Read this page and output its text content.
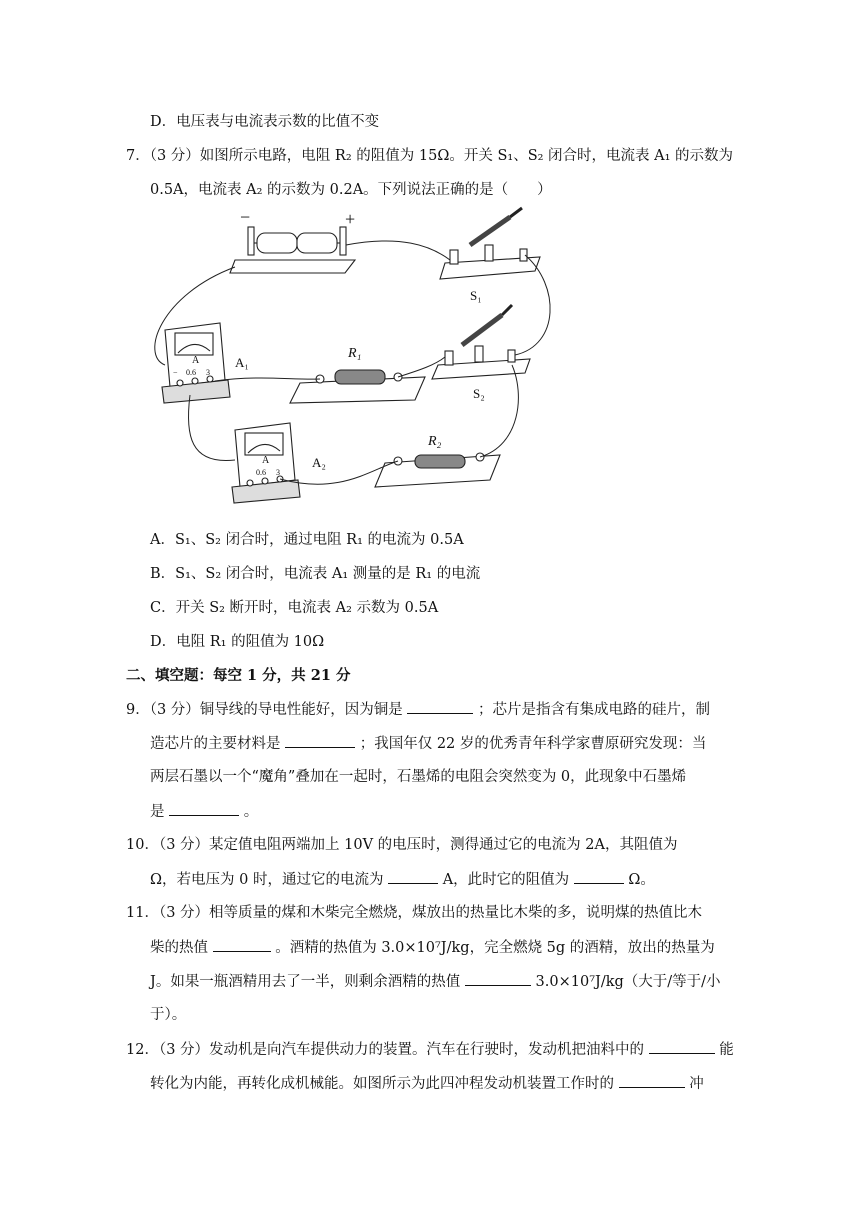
D．电压表与电流表示数的比值不变
7．（3 分）如图所示电路，电阻 R₂ 的阻值为 15Ω。开关 S₁、S₂ 闭合时，电流表 A₁ 的示数为
0.5A，电流表 A₂ 的示数为 0.2A。下列说法正确的是（　　）
−	+
S₁
S₂
R₁
R₂
A₁
A₂
A
0.6 3
−
A
0.6 3
A．S₁、S₂ 闭合时，通过电阻 R₁ 的电流为 0.5A
B．S₁、S₂ 闭合时，电流表 A₁ 测量的是 R₁ 的电流
C．开关 S₂ 断开时，电流表 A₂ 示数为 0.5A
D．电阻 R₁ 的阻值为 10Ω
二、填空题：每空 1 分，共 21 分
9．（3 分）铜导线的导电性能好，因为铜是	；芯片是指含有集成电路的硅片，制
造芯片的主要材料是	；我国年仅 22 岁的优秀青年科学家曹原研究发现：当
两层石墨以一个“魔角”叠加在一起时，石墨烯的电阻会突然变为 0，此现象中石墨烯
是	。
10．（3 分）某定值电阻两端加上 10V 的电压时，测得通过它的电流为 2A，其阻值为
Ω，若电压为 0 时，通过它的电流为	A，此时它的阻值为	Ω。
11．（3 分）相等质量的煤和木柴完全燃烧，煤放出的热量比木柴的多，说明煤的热值比木
柴的热值	。酒精的热值为 3.0×10⁷J/kg，完全燃烧 5g 的酒精，放出的热量为
J。如果一瓶酒精用去了一半，则剩余酒精的热值	3.0×10⁷J/kg（大于/等于/小
于）。
12．（3 分）发动机是向汽车提供动力的装置。汽车在行驶时，发动机把油料中的	能
转化为内能，再转化成机械能。如图所示为此四冲程发动机装置工作时的	冲
